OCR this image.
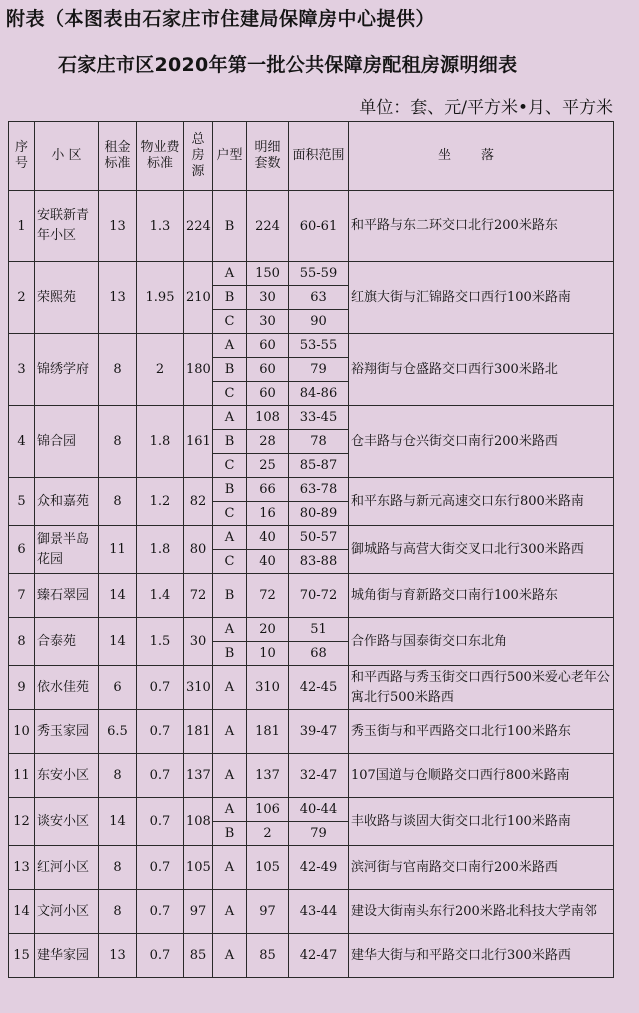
附表（本图表由石家庄市住建局保障房中心提供）
石家庄市区2020年第一批公共保障房配租房源明细表
单位：套、元/平方米•月、平方米
序号	小 区	租金标准	物业费标准	总房源	户型	明细套数	面积范围	坐落
1	安联新青年小区	13	1.3	224	B	224	60-61	和平路与东二环交口北行200米路东
2	荣熙苑	13	1.95	210	A	150	55-59	红旗大街与汇锦路交口西行100米路南
					B	30	63	
					C	30	90	
3	锦绣学府	8	2	180	A	60	53-55	裕翔街与仓盛路交口西行300米路北
					B	60	79	
					C	60	84-86	
4	锦合园	8	1.8	161	A	108	33-45	仓丰路与仓兴街交口南行200米路西
					B	28	78	
					C	25	85-87	
5	众和嘉苑	8	1.2	82	B	66	63-78	和平东路与新元高速交口东行800米路南
					C	16	80-89	
6	御景半岛花园	11	1.8	80	A	40	50-57	御城路与高营大街交叉口北行300米路西
					C	40	83-88	
7	臻石翠园	14	1.4	72	B	72	70-72	城角街与育新路交口南行100米路东
8	合泰苑	14	1.5	30	A	20	51	合作路与国泰街交口东北角
					B	10	68	
9	依水佳苑	6	0.7	310	A	310	42-45	和平西路与秀玉街交口西行500米爱心老年公寓北行500米路西
10	秀玉家园	6.5	0.7	181	A	181	39-47	秀玉街与和平西路交口北行100米路东
11	东安小区	8	0.7	137	A	137	32-47	107国道与仓顺路交口西行800米路南
12	谈安小区	14	0.7	108	A	106	40-44	丰收路与谈固大街交口北行100米路南
					B	2	79	
13	红河小区	8	0.7	105	A	105	42-49	滨河街与官南路交口南行200米路西
14	文河小区	8	0.7	97	A	97	43-44	建设大街南头东行200米路北科技大学南邻
15	建华家园	13	0.7	85	A	85	42-47	建华大街与和平路交口北行300米路西
